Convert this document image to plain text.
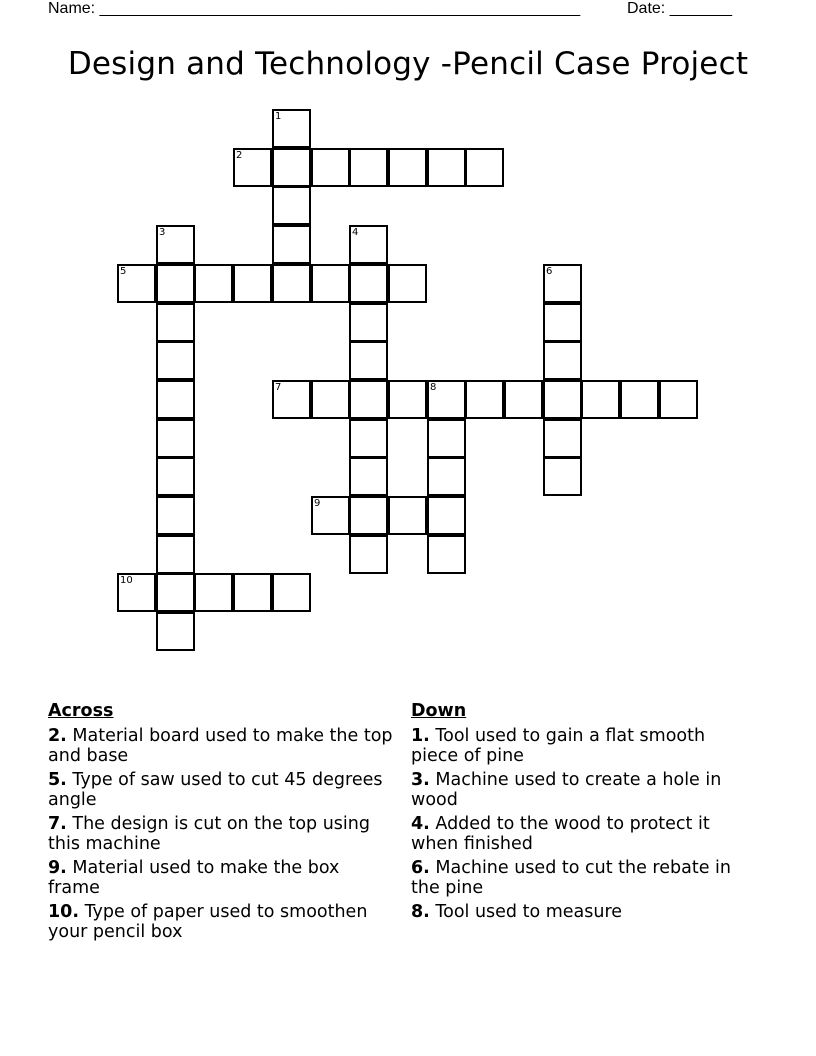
Name: ______________________________________________________	Date: _______
Design and Technology -Pencil Case Project
1
2
3	4
5	6
7	8
9
10
Across
2. Material board used to make the top and base
5. Type of saw used to cut 45 degrees angle
7. The design is cut on the top using this machine
9. Material used to make the box frame
10. Type of paper used to smoothen your pencil box
Down
1. Tool used to gain a flat smooth piece of pine
3. Machine used to create a hole in wood
4. Added to the wood to protect it when finished
6. Machine used to cut the rebate in the pine
8. Tool used to measure
